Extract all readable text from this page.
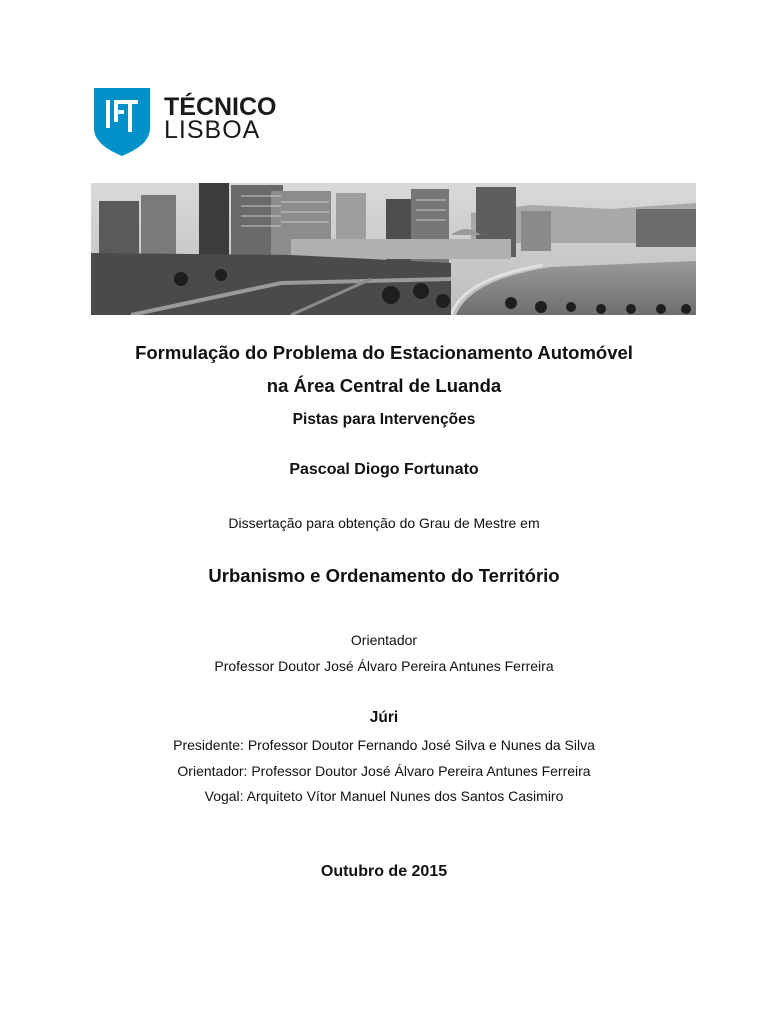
TÉCNICO
LISBOA
Formulação do Problema do Estacionamento Automóvel
na Área Central de Luanda
Pistas para Intervenções
Pascoal Diogo Fortunato
Dissertação para obtenção do Grau de Mestre em
Urbanismo e Ordenamento do Território
Orientador
Professor Doutor José Álvaro Pereira Antunes Ferreira
Júri
Presidente: Professor Doutor Fernando José Silva e Nunes da Silva
Orientador: Professor Doutor José Álvaro Pereira Antunes Ferreira
Vogal: Arquiteto Vítor Manuel Nunes dos Santos Casimiro
Outubro de 2015
